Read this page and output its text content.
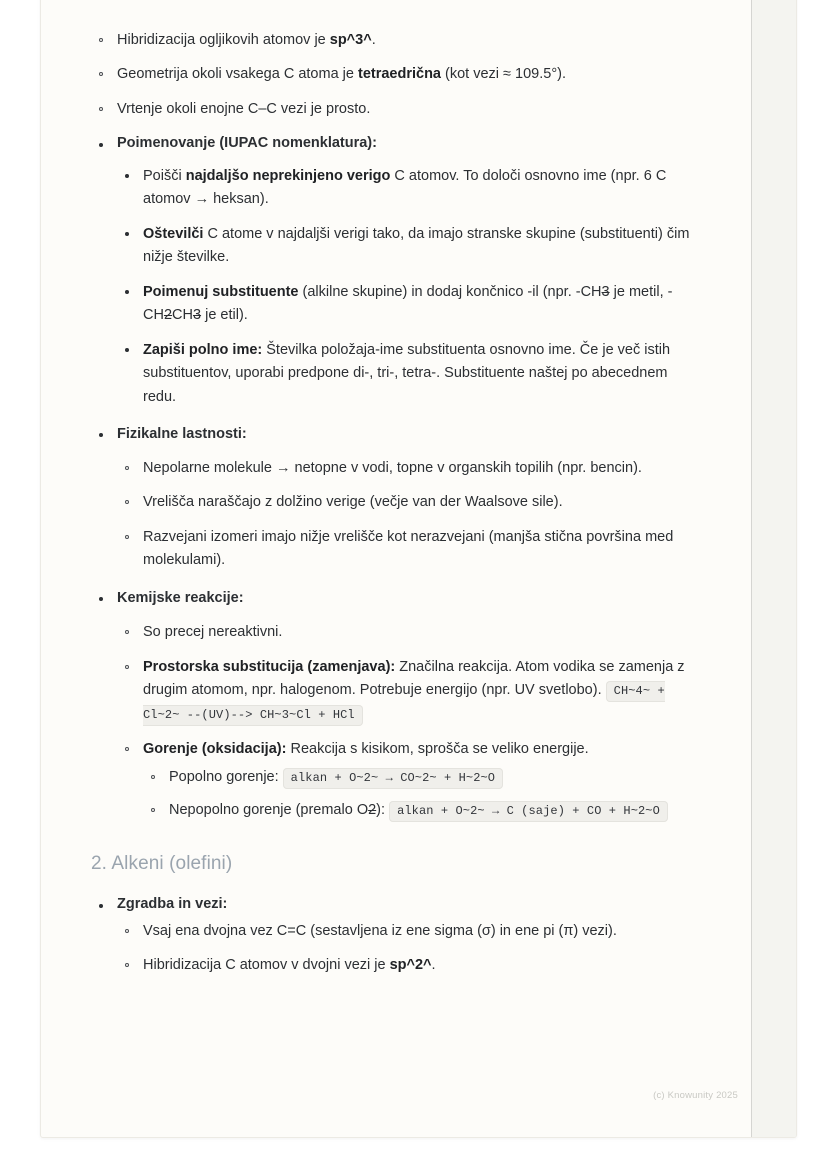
Hibridizacija ogljikovih atomov je sp^3^.
Geometrija okoli vsakega C atoma je tetraedrična (kot vezi ≈ 109.5°).
Vrtenje okoli enojne C–C vezi je prosto.
Poimenovanje (IUPAC nomenklatura):
Poišči najdaljšo neprekinjeno verigo C atomov. To določi osnovno ime (npr. 6 C atomov → heksan).
Oštevilči C atome v najdaljši verigi tako, da imajo stranske skupine (substituenti) čim nižje številke.
Poimenuj substituente (alkilne skupine) in dodaj končnico -il (npr. -CH3 je metil, -CH2CH3 je etil).
Zapiši polno ime: Številka položaja-ime substituenta osnovno ime. Če je več istih substituentov, uporabi predpone di-, tri-, tetra-. Substituente naštej po abecednem redu.
Fizikalne lastnosti:
Nepolarne molekule → netopne v vodi, topne v organskih topilih (npr. bencin).
Vrelišča naraščajo z dolžino verige (večje van der Waalsove sile).
Razvejani izomeri imajo nižje vrelišče kot nerazvejani (manjša stična površina med molekulami).
Kemijske reakcije:
So precej nereaktivni.
Prostorska substitucija (zamenjava): Značilna reakcija. Atom vodika se zamenja z drugim atomom, npr. halogenom. Potrebuje energijo (npr. UV svetlobo). CH~4~ + Cl~2~ --(UV)--> CH~3~Cl + HCl
Gorenje (oksidacija): Reakcija s kisikom, sprošča se veliko energije.
Popolno gorenje: alkan + O~2~ → CO~2~ + H~2~O
Nepopolno gorenje (premalo O2): alkan + O~2~ → C (saje) + CO + H~2~O
2. Alkeni (olefini)
Zgradba in vezi:
Vsaj ena dvojna vez C=C (sestavljena iz ene sigma (σ) in ene pi (π) vezi).
Hibridizacija C atomov v dvojni vezi je sp^2^.
(c) Knowunity 2025
